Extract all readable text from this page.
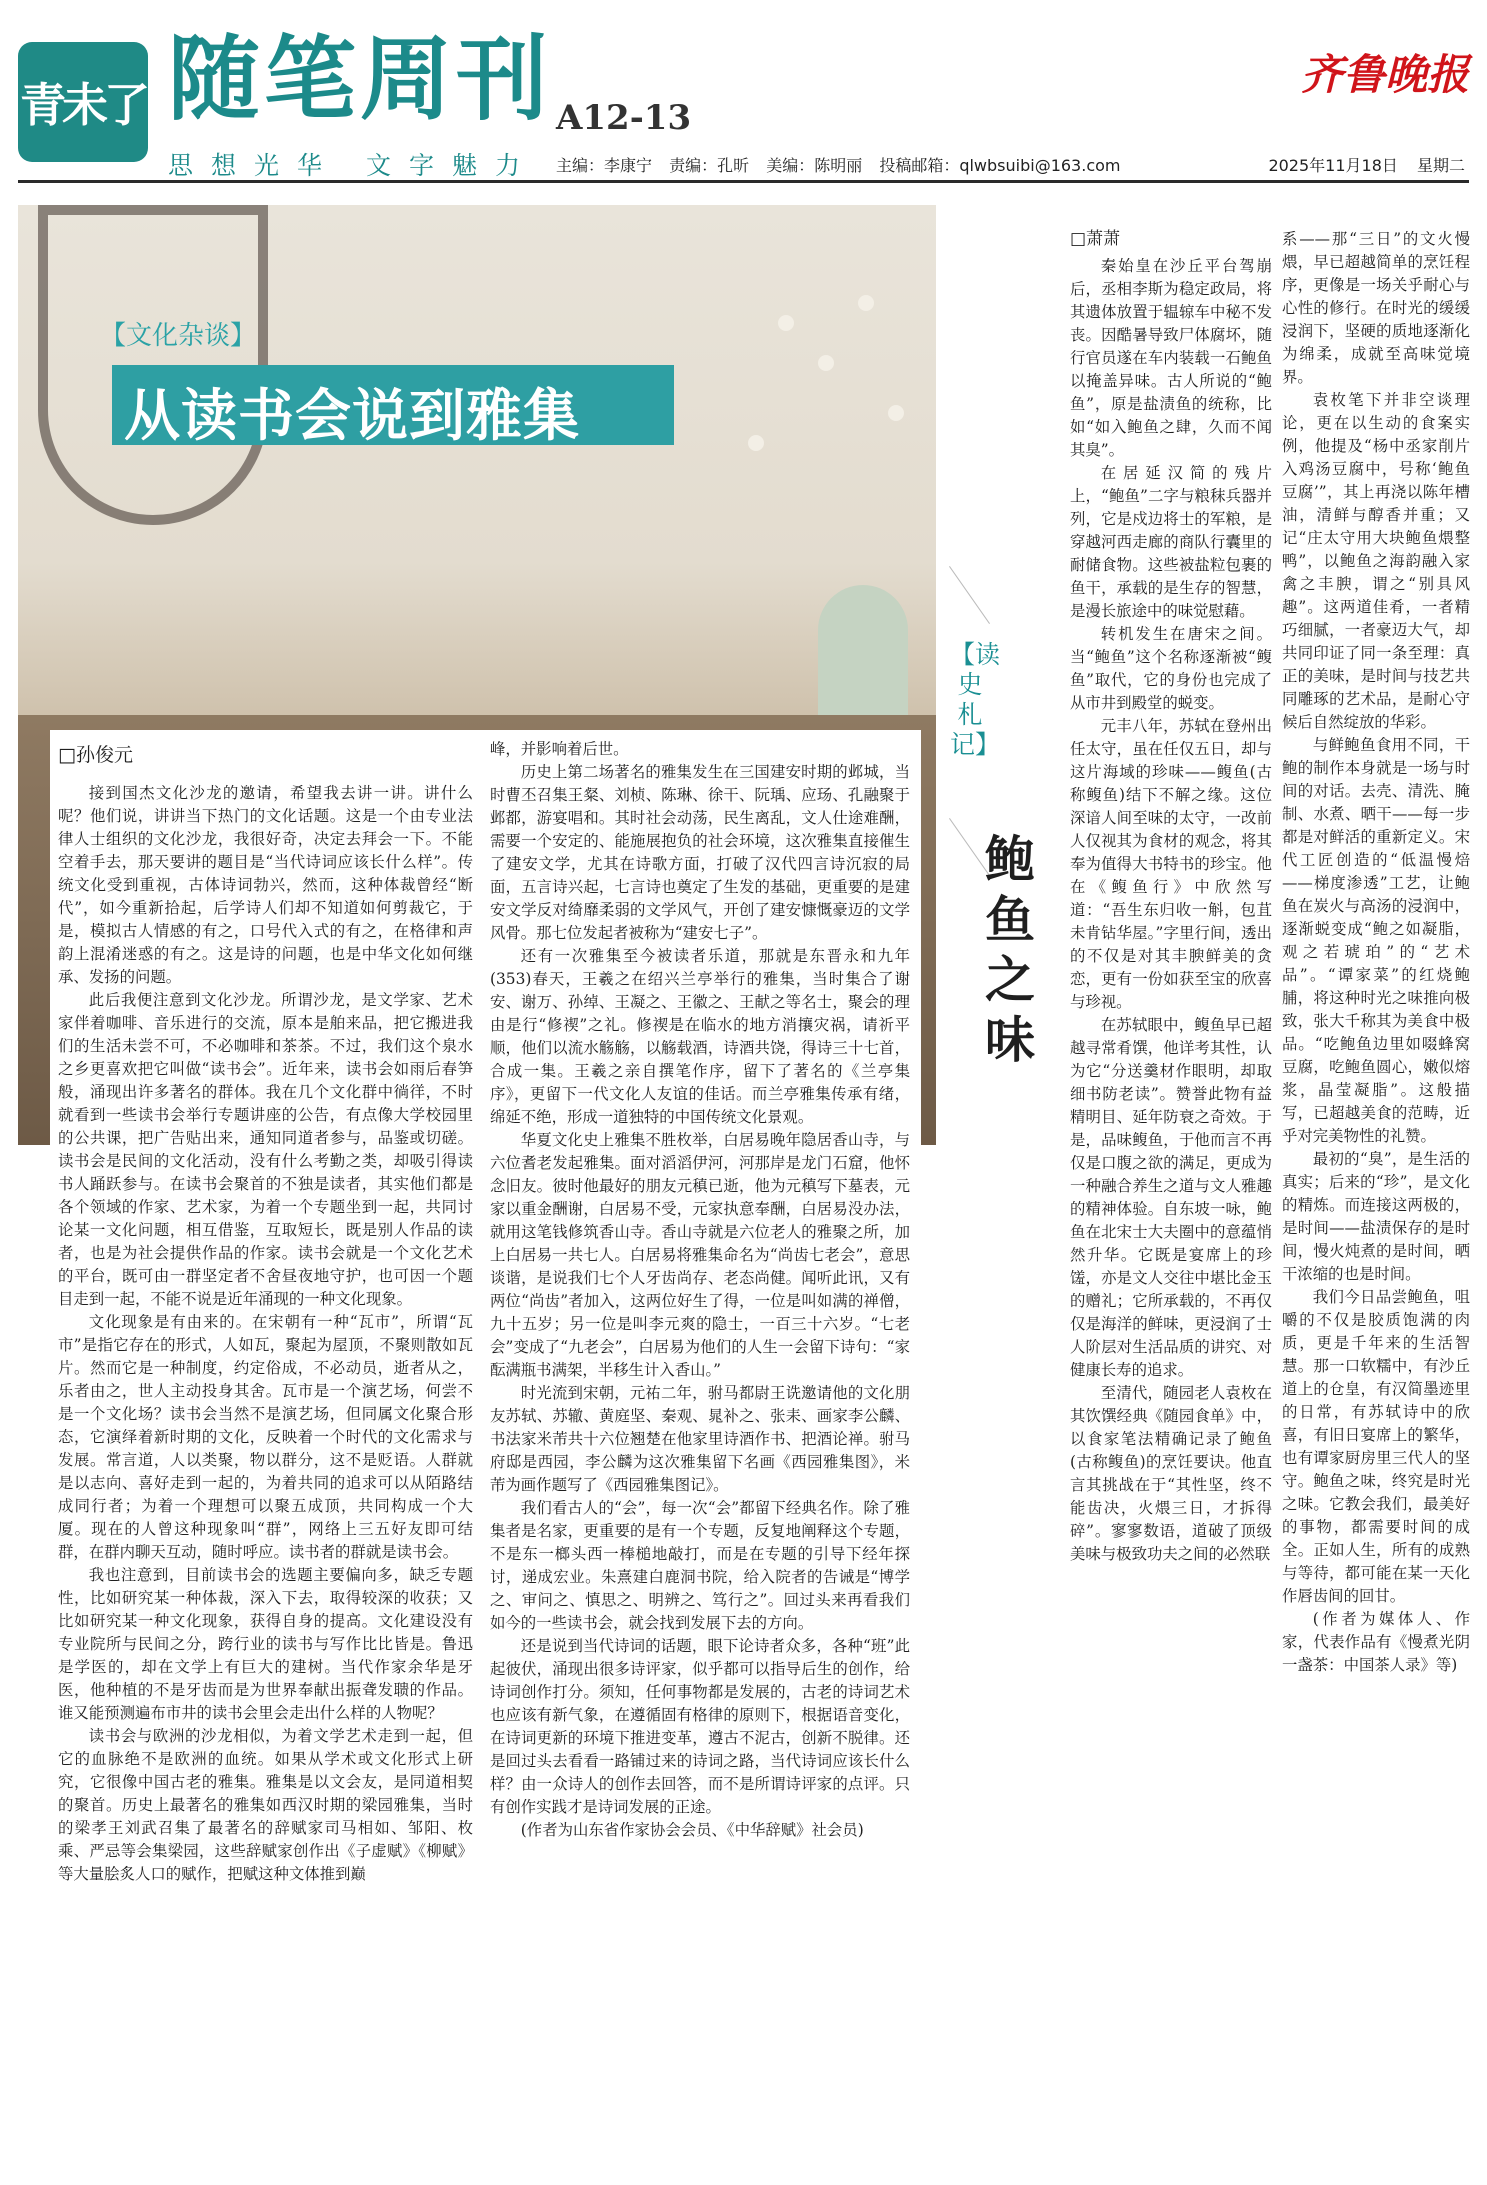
青未了 随笔周刊
思想光华 文字魅力
A12-13
齐鲁晚报
主编：李康宁 责编：孔昕 美编：陈明丽 投稿邮箱：qlwbsuibi@163.com	2025年11月18日 星期二
【文化杂谈】
从读书会说到雅集
□孙俊元

接到国杰文化沙龙的邀请，希望我去讲一讲。讲什么呢？他们说，讲讲当下热门的文化话题。这是一个由专业法律人士组织的文化沙龙，我很好奇，决定去拜会一下。不能空着手去，那天要讲的题目是“当代诗词应该长什么样”。传统文化受到重视，古体诗词勃兴，然而，这种体裁曾经“断代”，如今重新拾起，后学诗人们却不知道如何剪裁它，于是，模拟古人情感的有之，口号代入式的有之，在格律和声韵上混淆迷惑的有之。这是诗的问题，也是中华文化如何继承、发扬的问题。

此后我便注意到文化沙龙。所谓沙龙，是文学家、艺术家伴着咖啡、音乐进行的交流，原本是舶来品，把它搬进我们的生活未尝不可，不必咖啡和茶茶。不过，我们这个泉水之乡更喜欢把它叫做“读书会”。近年来，读书会如雨后春笋般，涌现出许多著名的群体。我在几个文化群中徜徉，不时就看到一些读书会举行专题讲座的公告，有点像大学校园里的公共课，把广告贴出来，通知同道者参与，品鉴或切磋。读书会是民间的文化活动，没有什么考勤之类，却吸引得读书人踊跃参与。在读书会聚首的不独是读者，其实他们都是各个领域的作家、艺术家，为着一个专题坐到一起，共同讨论某一文化问题，相互借鉴，互取短长，既是别人作品的读者，也是为社会提供作品的作家。读书会就是一个文化艺术的平台，既可由一群坚定者不舍昼夜地守护，也可因一个题目走到一起，不能不说是近年涌现的一种文化现象。

文化现象是有由来的。在宋朝有一种“瓦市”，所谓“瓦市”是指它存在的形式，人如瓦，聚起为屋顶，不聚则散如瓦片。然而它是一种制度，约定俗成，不必动员，逝者从之，乐者由之，世人主动投身其舍。瓦市是一个演艺场，何尝不是一个文化场？读书会当然不是演艺场，但同属文化聚合形态，它演绎着新时期的文化，反映着一个时代的文化需求与发展。常言道，人以类聚，物以群分，这不是贬语。人群就是以志向、喜好走到一起的，为着共同的追求可以从陌路结成同行者；为着一个理想可以聚五成顶，共同构成一个大厦。现在的人曾这种现象叫“群”，网络上三五好友即可结群，在群内聊天互动，随时呼应。读书者的群就是读书会。

我也注意到，目前读书会的选题主要偏向多，缺乏专题性，比如研究某一种体裁，深入下去，取得较深的收获；又比如研究某一种文化现象，获得自身的提高。文化建设没有专业院所与民间之分，跨行业的读书与写作比比皆是。鲁迅是学医的，却在文学上有巨大的建树。当代作家余华是牙医，他种植的不是牙齿而是为世界奉献出振聋发聩的作品。谁又能预测遍布市井的读书会里会走出什么样的人物呢？

读书会与欧洲的沙龙相似，为着文学艺术走到一起，但它的血脉绝不是欧洲的血统。如果从学术或文化形式上研究，它很像中国古老的雅集。雅集是以文会友，是同道相契的聚首。历史上最著名的雅集如西汉时期的梁园雅集，当时的梁孝王刘武召集了最著名的辞赋家司马相如、邹阳、枚乘、严忌等会集梁园，这些辞赋家创作出《子虚赋》《柳赋》等大量脍炙人口的赋作，把赋这种文体推到巅

峰，并影响着后世。

历史上第二场著名的雅集发生在三国建安时期的邺城，当时曹丕召集王粲、刘桢、陈琳、徐干、阮瑀、应玚、孔融聚于邺都，游宴唱和。其时社会动荡，民生离乱，文人仕途难酬，需要一个安定的、能施展抱负的社会环境，这次雅集直接催生了建安文学，尤其在诗歌方面，打破了汉代四言诗沉寂的局面，五言诗兴起，七言诗也奠定了生发的基础，更重要的是建安文学反对绮靡柔弱的文学风气，开创了建安慷慨豪迈的文学风骨。那七位发起者被称为“建安七子”。

还有一次雅集至今被读者乐道，那就是东晋永和九年(353)春天，王羲之在绍兴兰亭举行的雅集，当时集合了谢安、谢万、孙绰、王凝之、王徽之、王献之等名士，聚会的理由是行“修禊”之礼。修禊是在临水的地方消攘灾祸，请祈平顺，他们以流水觞觞，以觞载酒，诗酒共饶，得诗三十七首，合成一集。王羲之亲自撰笔作序，留下了著名的《兰亭集序》，更留下一代文化人友谊的佳话。而兰亭雅集传承有绪，绵延不绝，形成一道独特的中国传统文化景观。

华夏文化史上雅集不胜枚举，白居易晚年隐居香山寺，与六位耆老发起雅集。面对滔滔伊河，河那岸是龙门石窟，他怀念旧友。彼时他最好的朋友元稹已逝，他为元稹写下墓表，元家以重金酬谢，白居易不受，元家执意奉酬，白居易没办法，就用这笔钱修筑香山寺。香山寺就是六位老人的雅聚之所，加上白居易一共七人。白居易将雅集命名为“尚齿七老会”，意思谈谐，是说我们七个人牙齿尚存、老态尚健。闻听此讯，又有两位“尚齿”者加入，这两位好生了得，一位是叫如满的禅僧，九十五岁；另一位是叫李元爽的隐士，一百三十六岁。“七老会”变成了“九老会”，白居易为他们的人生一会留下诗句：“家酝满瓶书满架，半移生计入香山。”

时光流到宋朝，元祐二年，驸马都尉王诜邀请他的文化朋友苏轼、苏辙、黄庭坚、秦观、晁补之、张耒、画家李公麟、书法家米芾共十六位翘楚在他家里诗酒作书、把酒论禅。驸马府邸是西园，李公麟为这次雅集留下名画《西园雅集图》，米芾为画作题写了《西园雅集图记》。

我们看古人的“会”，每一次“会”都留下经典名作。除了雅集者是名家，更重要的是有一个专题，反复地阐释这个专题，不是东一榔头西一棒槌地敲打，而是在专题的引导下经年探讨，递成宏业。朱熹建白鹿洞书院，给入院者的告诫是“博学之、审问之、慎思之、明辨之、笃行之”。回过头来再看我们如今的一些读书会，就会找到发展下去的方向。

还是说到当代诗词的话题，眼下论诗者众多，各种“班”此起彼伏，涌现出很多诗评家，似乎都可以指导后生的创作，给诗词创作打分。须知，任何事物都是发展的，古老的诗词艺术也应该有新气象，在遵循固有格律的原则下，根据语音变化，在诗词更新的环境下推进变革，遵古不泥古，创新不脱律。还是回过头去看看一路铺过来的诗词之路，当代诗词应该长什么样？由一众诗人的创作去回答，而不是所谓诗评家的点评。只有创作实践才是诗词发展的正途。

(作者为山东省作家协会会员、《中华辞赋》社会员)

【读史札记】
鲍鱼之味

□萧萧

秦始皇在沙丘平台驾崩后，丞相李斯为稳定政局，将其遗体放置于辒辌车中秘不发丧。因酷暑导致尸体腐坏，随行官员遂在车内装载一石鲍鱼以掩盖异味。古人所说的“鲍鱼”，原是盐渍鱼的统称，比如“如入鲍鱼之肆，久而不闻其臭”。

在居延汉简的残片上，“鲍鱼”二字与粮秣兵器并列，它是戍边将士的军粮，是穿越河西走廊的商队行囊里的耐储食物。这些被盐粒包裹的鱼干，承载的是生存的智慧，是漫长旅途中的味觉慰藉。

转机发生在唐宋之间。当“鲍鱼”这个名称逐渐被“鳆鱼”取代，它的身份也完成了从市井到殿堂的蜕变。

元丰八年，苏轼在登州出任太守，虽在任仅五日，却与这片海域的珍味——鳆鱼(古称鳆鱼)结下不解之缘。这位深谙人间至味的太守，一改前人仅视其为食材的观念，将其奉为值得大书特书的珍宝。他在《鳆鱼行》中欣然写道：“吾生东归收一斛，包苴未肯钻华屋。”字里行间，透出的不仅是对其丰腴鲜美的贪恋，更有一份如获至宝的欣喜与珍视。

在苏轼眼中，鳆鱼早已超越寻常肴馔，他详考其性，认为它“分送羹材作眼明，却取细书防老读”。赞誉此物有益精明目、延年防衰之奇效。于是，品味鳆鱼，于他而言不再仅是口腹之欲的满足，更成为一种融合养生之道与文人雅趣的精神体验。自东坡一咏，鲍鱼在北宋士大夫圈中的意蕴悄然升华。它既是宴席上的珍馐，亦是文人交往中堪比金玉的赠礼；它所承载的，不再仅仅是海洋的鲜味，更浸润了士人阶层对生活品质的讲究、对健康长寿的追求。

至清代，随园老人袁枚在其饮馔经典《随园食单》中，以食家笔法精确记录了鲍鱼(古称鳆鱼)的烹饪要诀。他直言其挑战在于“其性坚，终不能齿决，火煨三日，才拆得碎”。寥寥数语，道破了顶级美味与极致功夫之间的必然联

系——那“三日”的文火慢煨，早已超越简单的烹饪程序，更像是一场关乎耐心与心性的修行。在时光的缓缓浸润下，坚硬的质地逐渐化为绵柔，成就至高味觉境界。

袁枚笔下并非空谈理论，更在以生动的食案实例，他提及“杨中丞家削片入鸡汤豆腐中，号称‘鲍鱼豆腐’”，其上再浇以陈年槽油，清鲜与醇香并重；又记“庄太守用大块鲍鱼煨整鸭”，以鲍鱼之海韵融入家禽之丰腴，谓之“别具风趣”。这两道佳肴，一者精巧细腻，一者豪迈大气，却共同印证了同一条至理：真正的美味，是时间与技艺共同雕琢的艺术品，是耐心守候后自然绽放的华彩。

与鲜鲍鱼食用不同，干鲍的制作本身就是一场与时间的对话。去壳、清洗、腌制、水煮、晒干——每一步都是对鲜活的重新定义。宋代工匠创造的“低温慢焙——梯度渗透”工艺，让鲍鱼在炭火与高汤的浸润中，逐渐蜕变成“鲍之如凝脂，观之若琥珀”的“艺术品”。“谭家菜”的红烧鲍脯，将这种时光之味推向极致，张大千称其为美食中极品。“吃鲍鱼边里如啜蜂窝豆腐，吃鲍鱼圆心，嫩似熔浆，晶莹凝脂”。这般描写，已超越美食的范畴，近乎对完美物性的礼赞。

最初的“臭”，是生活的真实；后来的“珍”，是文化的精炼。而连接这两极的，是时间——盐渍保存的是时间，慢火炖煮的是时间，晒干浓缩的也是时间。

我们今日品尝鲍鱼，咀嚼的不仅是胶质饱满的肉质，更是千年来的生活智慧。那一口软糯中，有沙丘道上的仓皇，有汉简墨迹里的日常，有苏轼诗中的欣喜，有旧日宴席上的繁华，也有谭家厨房里三代人的坚守。鲍鱼之味，终究是时光之味。它教会我们，最美好的事物，都需要时间的成全。正如人生，所有的成熟与等待，都可能在某一天化作唇齿间的回甘。

(作者为媒体人、作家，代表作品有《慢煮光阴一盏茶：中国茶人录》等)
